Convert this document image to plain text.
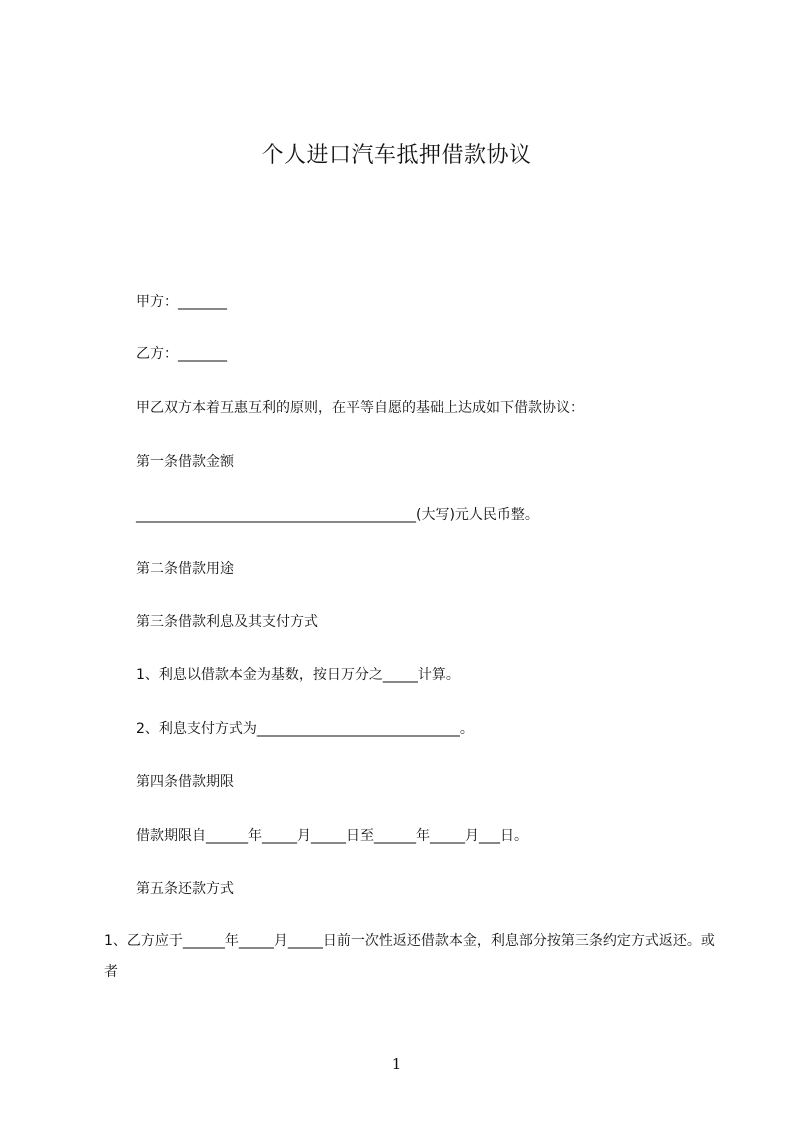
个人进口汽车抵押借款协议
甲方：_______
乙方：_______
甲乙双方本着互惠互利的原则，在平等自愿的基础上达成如下借款协议：
第一条借款金额
________________________________________(大写)元人民币整。
第二条借款用途
第三条借款利息及其支付方式
1、利息以借款本金为基数，按日万分之_____计算。
2、利息支付方式为_____________________________。
第四条借款期限
借款期限自______年_____月_____日至______年_____月___日。
第五条还款方式
1、乙方应于______年_____月_____日前一次性返还借款本金，利息部分按第三条约定方式返还。或者
1
